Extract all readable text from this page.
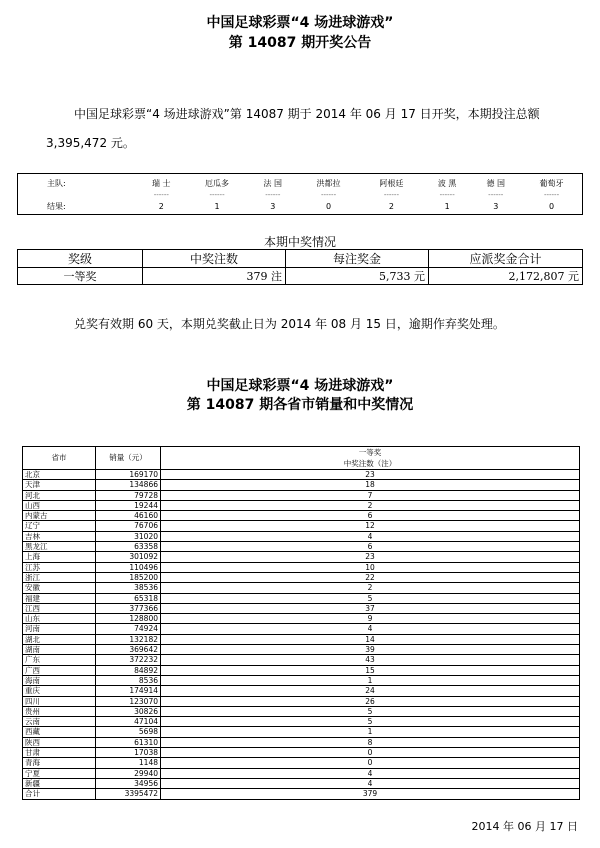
中国足球彩票“4 场进球游戏”
第 14087 期开奖公告
中国足球彩票“4 场进球游戏”第 14087 期于 2014 年 06 月 17 日开奖，本期投注总额
3,395,472 元。
主队:	瑞 士	厄瓜多	法 国	洪都拉	阿根廷	波 黑	德 国	葡萄牙
	------	------	------	------	------	------	------	------
结果:	2	1	3	0	2	1	3	0
本期中奖情况
奖级	中奖注数	每注奖金	应派奖金合计
一等奖	379 注	5,733 元	2,172,807 元
兑奖有效期 60 天，本期兑奖截止日为 2014 年 08 月 15 日，逾期作弃奖处理。
中国足球彩票“4 场进球游戏”
第 14087 期各省市销量和中奖情况
省市	销量（元）	一等奖
中奖注数（注）

北京	169170	23
天津	134866	18
河北	79728	7
山西	19244	2
内蒙古	46160	6
辽宁	76706	12
吉林	31020	4
黑龙江	63358	6
上海	301092	23
江苏	110496	10
浙江	185200	22
安徽	38536	2
福建	65318	5
江西	377366	37
山东	128800	9
河南	74924	4
湖北	132182	14
湖南	369642	39
广东	372232	43
广西	84892	15
海南	8536	1
重庆	174914	24
四川	123070	26
贵州	30826	5
云南	47104	5
西藏	5698	1
陕西	61310	8
甘肃	17038	0
青海	1148	0
宁夏	29940	4
新疆	34956	4
合计	3395472	379
2014 年 06 月 17 日
